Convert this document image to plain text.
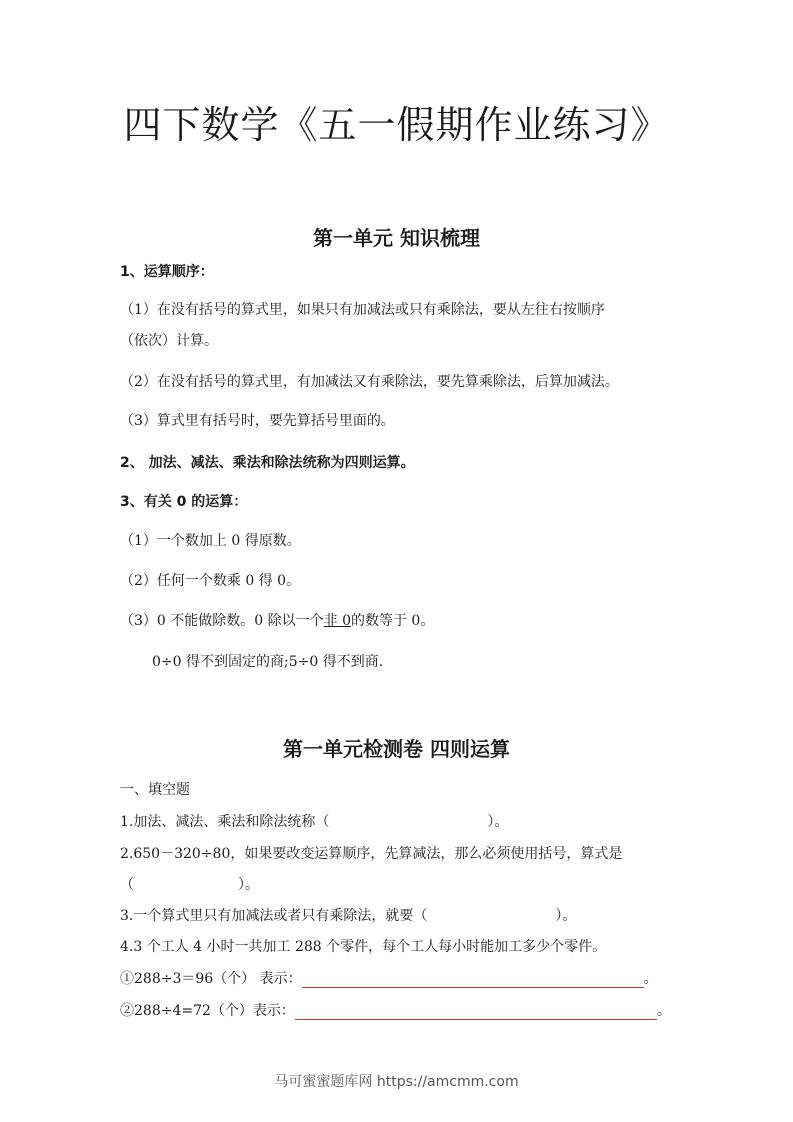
四下数学《五一假期作业练习》
第一单元 知识梳理
1、运算顺序：
（1）在没有括号的算式里，如果只有加减法或只有乘除法，要从左往右按顺序
（依次）计算。
（2）在没有括号的算式里，有加减法又有乘除法，要先算乘除法，后算加减法。
（3）算式里有括号时，要先算括号里面的。
2、 加法、减法、乘法和除法统称为四则运算。
3、有关 0 的运算：
（1）一个数加上 0 得原数。
（2）任何一个数乘 0 得 0。
（3）0 不能做除数。0 除以一个非 0的数等于 0。
0÷0 得不到固定的商;5÷0 得不到商.
第一单元检测卷 四则运算
一、填空题
1.加法、减法、乘法和除法统称（	）。
2.650－320÷80，如果要改变运算顺序，先算减法，那么必须使用括号，算式是
（	）。
3.一个算式里只有加减法或者只有乘除法，就要（	）。
4.3 个工人 4 小时一共加工 288 个零件，每个工人每小时能加工多少个零件。
①288÷3＝96（个） 表示：	。
②288÷4=72（个）表示：	。
马可蜜蜜题库网 https://amcmm.com
